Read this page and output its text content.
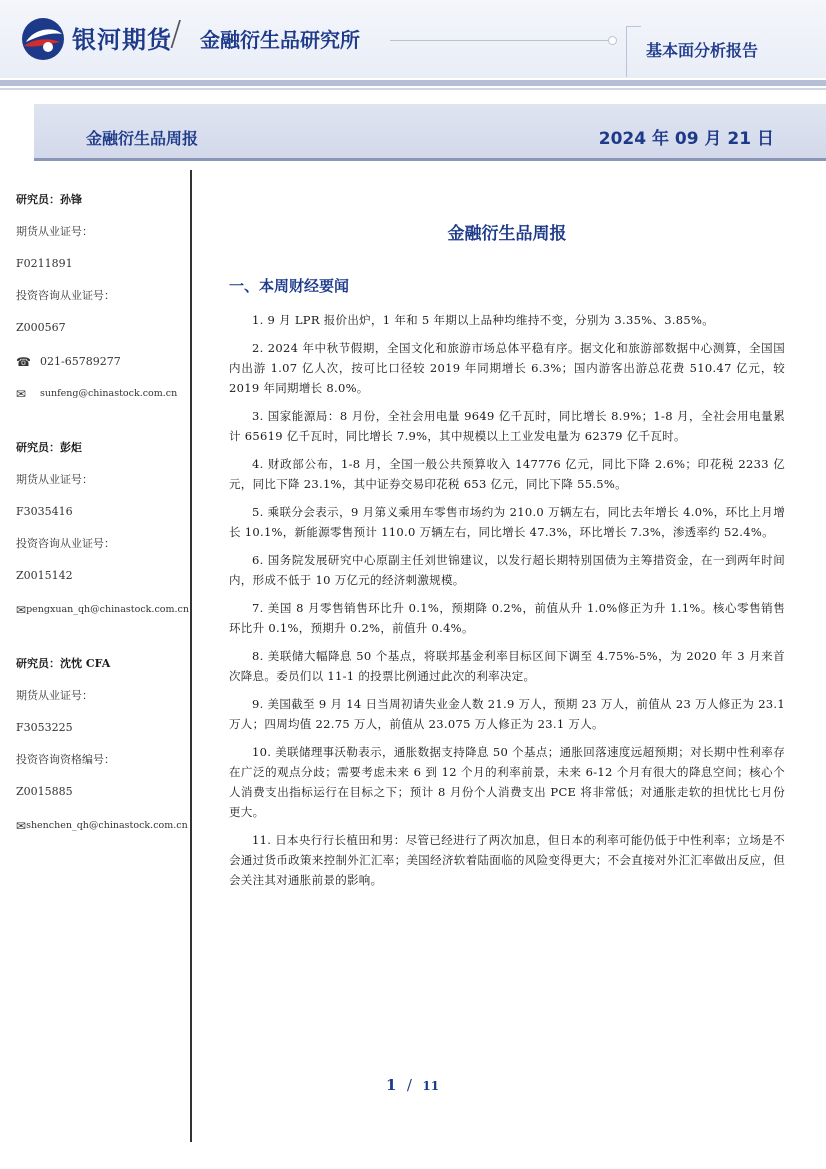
银河期货
/ 金融衍生品研究所	基本面分析报告
金融衍生品周报	2024 年 09 月 21 日
研究员：孙锋
期货从业证号：
F0211891
投资咨询从业证号：
Z000567
☎ 021-65789277
✉	sunfeng@chinastock.com.cn
研究员：彭炬
期货从业证号：
F3035416
投资咨询从业证号：
Z0015142
✉ pengxuan_qh@chinastock.com.cn
研究员：沈忱 CFA
期货从业证号：
F3053225
投资咨询资格编号：
Z0015885
✉ shenchen_qh@chinastock.com.cn
金融衍生品周报
一、本周财经要闻

1. 9 月 LPR 报价出炉，1 年和 5 年期以上品种均维持不变，分别为 3.35%、3.85%。

2. 2024 年中秋节假期，全国文化和旅游市场总体平稳有序。据文化和旅游部数据中心测算，全国国内出游 1.07 亿人次，按可比口径较 2019 年同期增长 6.3%；国内游客出游总花费 510.47 亿元，较 2019 年同期增长 8.0%。

3. 国家能源局：8 月份，全社会用电量 9649 亿千瓦时，同比增长 8.9%；1-8 月，全社会用电量累计 65619 亿千瓦时，同比增长 7.9%，其中规模以上工业发电量为 62379 亿千瓦时。

4. 财政部公布，1-8 月，全国一般公共预算收入 147776 亿元，同比下降 2.6%；印花税 2233 亿元，同比下降 23.1%，其中证券交易印花税 653 亿元，同比下降 55.5%。

5. 乘联分会表示，9 月第义乘用车零售市场约为 210.0 万辆左右，同比去年增长 4.0%，环比上月增长 10.1%，新能源零售预计 110.0 万辆左右，同比增长 47.3%，环比增长 7.3%，渗透率约 52.4%。

6. 国务院发展研究中心原副主任刘世锦建议，以发行超长期特别国债为主筹措资金，在一到两年时间内，形成不低于 10 万亿元的经济刺激规模。

7. 美国 8 月零售销售环比升 0.1%，预期降 0.2%，前值从升 1.0%修正为升 1.1%。核心零售销售环比升 0.1%，预期升 0.2%，前值升 0.4%。

8. 美联储大幅降息 50 个基点，将联邦基金利率目标区间下调至 4.75%-5%，为 2020 年 3 月来首次降息。委员们以 11-1 的投票比例通过此次的利率决定。

9. 美国截至 9 月 14 日当周初请失业金人数 21.9 万人，预期 23 万人，前值从 23 万人修正为 23.1 万人；四周均值 22.75 万人，前值从 23.075 万人修正为 23.1 万人。

10. 美联储理事沃勒表示，通胀数据支持降息 50 个基点；通胀回落速度远超预期；对长期中性利率存在广泛的观点分歧；需要考虑未来 6 到 12 个月的利率前景，未来 6-12 个月有很大的降息空间；核心个人消费支出指标运行在目标之下；预计 8 月份个人消费支出 PCE 将非常低；对通胀走软的担忧比七月份更大。

11. 日本央行行长植田和男：尽管已经进行了两次加息，但日本的利率可能仍低于中性利率；立场是不会通过货币政策来控制外汇汇率；美国经济软着陆面临的风险变得更大；不会直接对外汇汇率做出反应，但会关注其对通胀前景的影响。

1 / 11
